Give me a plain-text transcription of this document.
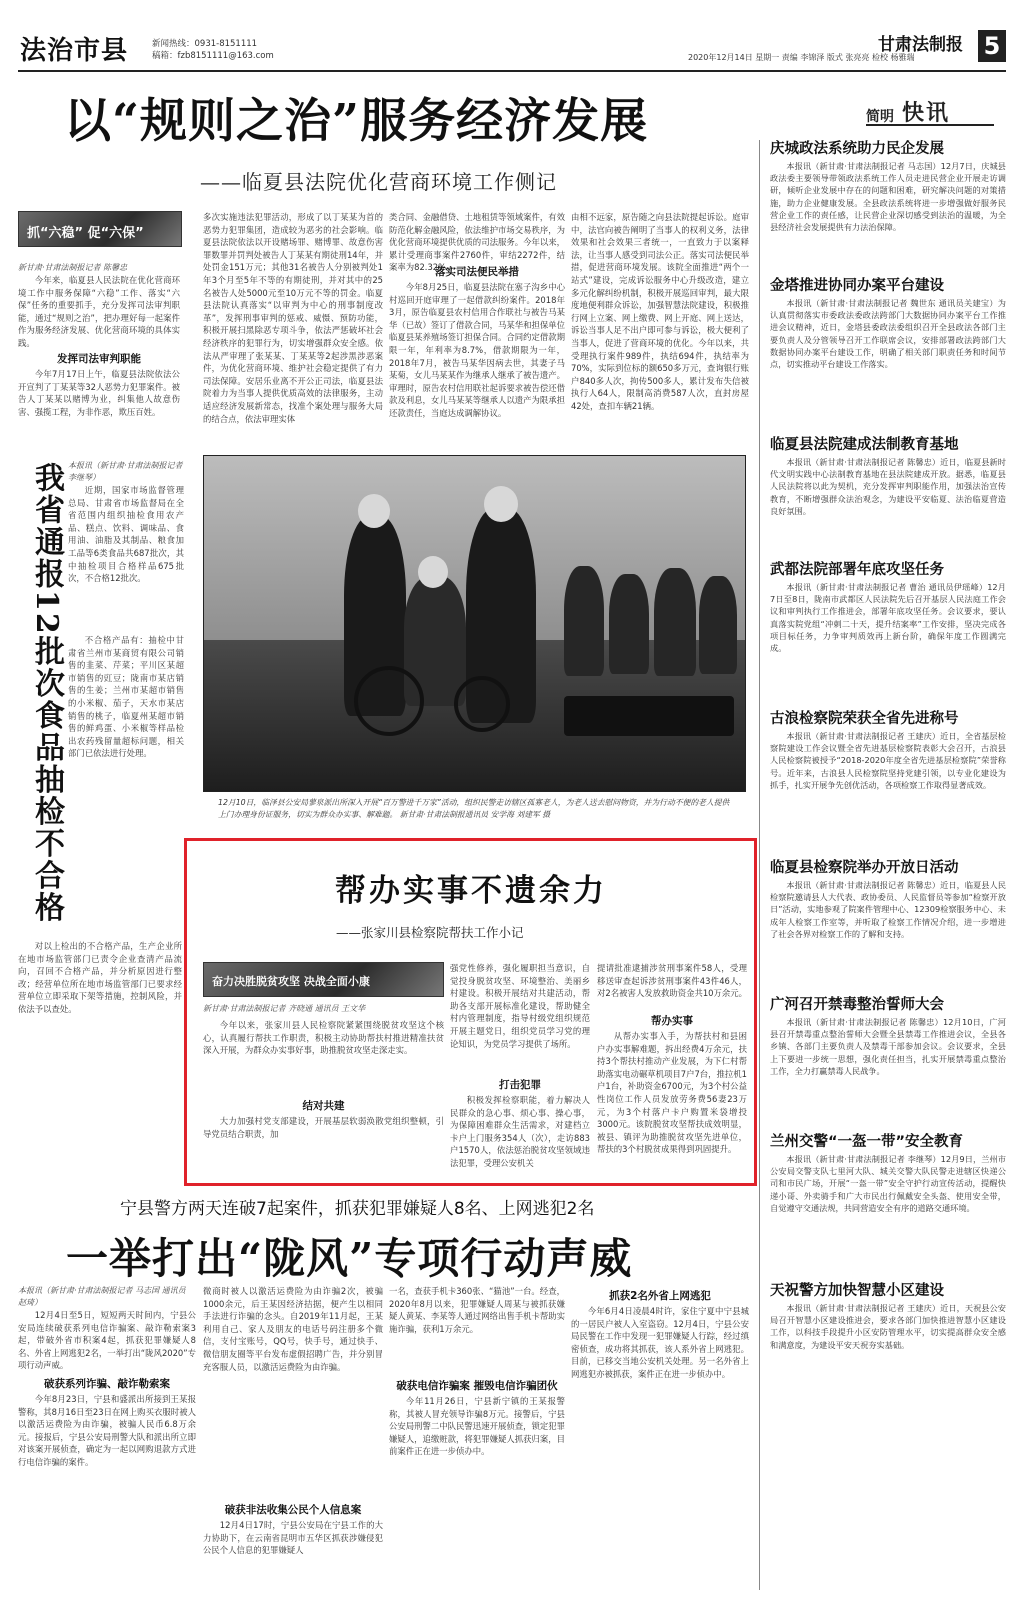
法治市县	新闻热线：0931-8151111
稿箱：fzb8151111@163.com
甘肃法制报 5
2020年12月14日 星期一 责编 李锦泽 版式 张亮亮 检校 杨雅瑞
以“规则之治”服务经济发展
——临夏县法院优化营商环境工作侧记
简明 快讯
抓“六稳” 促“六保”
新甘肃·甘肃法制报记者 陈馨忠
今年来，临夏县人民法院在优化营商环境工作中服务保障“六稳”工作、落实“六保”任务的重要抓手，充分发挥司法审判职能，通过“规则之治”，把办理好每一起案件作为服务经济发展、优化营商环境的具体实践。
发挥司法审判职能
今年7月17日上午，临夏县法院依法公开宣判了丁某某等32人恶势力犯罪案件。被告人丁某某以赌博为业，纠集他人故意伤害、强揽工程，为非作恶，欺压百姓。
多次实施违法犯罪活动，形成了以丁某某为首的恶势力犯罪集团，造成较为恶劣的社会影响。临夏县法院依法以开设赌场罪、赌博罪、故意伤害罪数罪并罚判处被告人丁某某有期徒刑14年，并处罚金151万元；其他31名被告人分别被判处1年3个月至5年不等的有期徒刑，并对其中的25名被告人处5000元至10万元不等的罚金。临夏县法院认真落实“以审判为中心的刑事制度改革”，发挥刑事审判的惩戒、威慑、预防功能，积极开展扫黑除恶专项斗争，依法严惩破坏社会经济秩序的犯罪行为，切实增强群众安全感。依法从严审理了张某某、丁某某等2起涉黑涉恶案件，为优化营商环境、维护社会稳定提供了有力司法保障。安居乐业离不开公正司法，临夏县法院着力为当事人提供优质高效的法律服务，主动适应经济发展新常态，找准个案处理与服务大局的结合点，依法审理实体
类合同、金融借贷、土地租赁等领域案件，有效防范化解金融风险，依法维护市场交易秩序，为优化营商环境提供优质的司法服务。今年以来，累计受理商事案件2760件，审结2272件，结案率为82.32%。
落实司法便民举措
今年8月25日，临夏县法院在塞子沟乡中心村巡回开庭审理了一起借款纠纷案件。2018年3月，原告临夏县农村信用合作联社与被告马某华（已故）签订了借款合同，马某华和担保单位临夏县某养殖场签订担保合同。合同约定借款期限一年，年利率为8.7%，借款期限为一年，2018年7月，被告马某华因病去世，其妻子马某菊，女儿马某某作为继承人继承了被告遗产。审理时，原告农村信用联社起诉要求被告偿还借款及利息，女儿马某某等继承人以遗产为限承担还款责任，当庭达成调解协议。
由相不远家，原告随之向县法院提起诉讼。庭审中，法官向被告阐明了当事人的权利义务，法律效果和社会效果三者统一，一直致力于以案释法，让当事人感受到司法公正。落实司法便民举措，促进营商环境发展。该院全面推进“两个一站式”建设，完成诉讼服务中心升级改造，建立多元化解纠纷机制，积极开展巡回审判，最大限度地便利群众诉讼，加强智慧法院建设，积极推行网上立案、网上缴费、网上开庭、网上送达，诉讼当事人足不出户即可参与诉讼，极大便利了当事人，促进了营商环境的优化。今年以来，共受理执行案件989件，执结694件，执结率为70%，实际到位标的额650多万元，查询银行账户840多人次，拘传500多人，累计发布失信被执行人64人，限制高消费587人次，直封房屋42处，查扣车辆21辆。
我省通报12批次食品抽检不合格 本报讯（新甘肃·甘肃法制报记者 李继琴）
近期，国家市场监督管理总局、甘肃省市场监督局在全省范围内组织抽检食用农产品、糕点、饮料、调味品、食用油、油脂及其制品、粮食加工品等6类食品共687批次，其中抽检项目合格样品675批次，不合格12批次。
不合格产品有：抽检中甘肃省兰州市某商贸有限公司销售的韭菜、芹菜；平川区某超市销售的豇豆；陇南市某店销售的生姜；兰州市某超市销售的小米椒、茄子，天水市某店销售的桃子，临夏州某超市销售的鲜鸡蛋、小米椒等样品检出农药残留量超标问题，相关部门已依法进行处理。
对以上检出的不合格产品，生产企业所在地市场监管部门已责令企业查清产品流向，召回不合格产品，并分析原因进行整改；经营单位所在地市场监管部门已要求经营单位立即采取下架等措施，控制风险，并依法予以查处。
12月10日，临泽县公安局蓼泉派出所深入开展“百万警进千万家”活动，组织民警走访辖区孤寡老人，为老人送去慰问物资，并为行动不便的老人提供上门办理身份证服务，切实为群众办实事、解难题。 新甘肃·甘肃法制报通讯员 安学海 刘建军 摄
帮办实事不遗余力
——张家川县检察院帮扶工作小记
奋力决胜脱贫攻坚 决战全面小康
新甘肃·甘肃法制报记者 齐晓通 通讯员 王文华
今年以来，张家川县人民检察院紧紧围绕脱贫攻坚这个核心，认真履行帮扶工作职责，积极主动协助帮扶村推进精准扶贫深入开展，为群众办实事好事，助推脱贫攻坚走深走实。
结对共建
大力加强村党支部建设，开展基层软弱涣散党组织整顿，引导党员结合职责，加
强党性修养，强化履职担当意识，自觉投身脱贫攻坚、环境整治、美丽乡村建设。积极开展结对共建活动，帮助各支部开展标准化建设，帮助健全村内管理制度，指导村级党组织规范开展主题党日，组织党员学习党的理论知识，为党员学习提供了场所。
打击犯罪
积极发挥检察职能，着力解决人民群众的急心事、烦心事、操心事，为保障困难群众生活需求，对建档立卡户上门服务354人（次），走访883户1570人，依法惩治脱贫攻坚领域违法犯罪，受理公安机关
提请批准逮捕涉贫刑事案件58人，受理移送审查起诉涉贫刑事案件43件46人，对2名被害人发放救助资金共10万余元。
帮办实事
从帮办实事入手，为帮扶村和县困户办实事解难题，拆出经费4万余元，扶持3个帮扶村推动产业发展，为下仁村帮助落实电动碾草机项目7户7台，推拉机1户1台，补助资金6700元，为3个村公益性岗位工作人员发放劳务费56妻23万元，为3个村落户卡户购置米袋增投3000元。该院脱贫攻坚帮扶成效明显，被县、镇评为助推脱贫攻坚先进单位，帮扶的3个村脱贫成果得到巩固提升。
宁县警方两天连破7起案件，抓获犯罪嫌疑人8名、上网逃犯2名
一举打出“陇风”专项行动声威
本报讯（新甘肃·甘肃法制报记者 马志国 通讯员 赵琦）
12月4日至5日，短短两天时间内，宁县公安局连续破获系列电信诈骗案、敲诈勒索案3起，带破外省市积案4起，抓获犯罪嫌疑人8名、外省上网逃犯2名，一举打出“陇风2020”专项行动声威。
破获系列诈骗、敲诈勒索案
今年8月23日，宁县和盛派出所接到王某报警称，其8月16日至23日在网上购买衣服时被人以激活运费险为由诈骗，被骗人民币6.8万余元。接报后，宁县公安局刑警大队和派出所立即对该案开展侦查，确定为一起以网购退款方式进行电信诈骗的案件。
微商时被人以激活运费险为由诈骗2次，被骗1000余元，后王某因经济拮据，便产生以相同手法进行诈骗的念头。自2019年11月起，王某利用自己、家人及朋友的电话号码注册多个微信，支付宝账号，QQ号，快手号，通过快手、微信朋友圈等平台发布虚假招聘广告，并分别冒充客服人员，以激活运费险为由诈骗。
破获非法收集公民个人信息案
12月4日17时，宁县公安局在宁县工作的大力协助下，在云南省昆明市五华区抓获涉嫌侵犯公民个人信息的犯罪嫌疑人
一名，查获手机卡360张、“猫池”一台。经查，2020年8月以来，犯罪嫌疑人周某与被抓获嫌疑人黄某、李某等人通过网络出售手机卡帮助实施诈骗，获利1万余元。
破获电信诈骗案 摧毁电信诈骗团伙
今年11月26日，宁县新宁镇的王某报警称，其被人冒充领导诈骗8万元。接警后，宁县公安局刑警二中队民警迅速开展侦查，锁定犯罪嫌疑人，追缴赃款，将犯罪嫌疑人抓获归案，目前案件正在进一步侦办中。
抓获2名外省上网逃犯
今年6月4日凌晨4时许，家住宁夏中宁县城的一居民户被人入室盗窃。12月4日，宁县公安局民警在工作中发现一犯罪嫌疑人行踪，经过缜密侦查，成功将其抓获，该人系外省上网逃犯。目前，已移交当地公安机关处理。另一名外省上网逃犯亦被抓获，案件正在进一步侦办中。
庆城政法系统助力民企发展
本报讯（新甘肃·甘肃法制报记者 马志国）12月7日，庆城县政法委主要领导带领政法系统工作人员走进民营企业开展走访调研，倾听企业发展中存在的问题和困难，研究解决问题的对策措施，助力企业健康发展。全县政法系统将进一步增强做好服务民营企业工作的责任感，让民营企业深切感受到法治的温暖，为全县经济社会发展提供有力法治保障。
金塔推进协同办案平台建设
本报讯（新甘肃·甘肃法制报记者 魏世东 通讯员关建宝）为认真贯彻落实市委政法委政法跨部门大数据协同办案平台工作推进会议精神，近日，金塔县委政法委组织召开全县政法各部门主要负责人及分管领导召开工作联席会议，安排部署政法跨部门大数据协同办案平台建设工作，明确了相关部门职责任务和时间节点，切实推动平台建设工作落实。
临夏县法院建成法制教育基地
本报讯（新甘肃·甘肃法制报记者 陈馨忠）近日，临夏县新时代文明实践中心法制教育基地在县法院建成开放。据悉，临夏县人民法院将以此为契机，充分发挥审判职能作用，加强法治宣传教育，不断增强群众法治观念，为建设平安临夏、法治临夏营造良好氛围。
武都法院部署年底攻坚任务
本报讯（新甘肃·甘肃法制报记者 曹治 通讯员伊瑶峰）12月7日至8日，陇南市武都区人民法院先后召开基层人民法庭工作会议和审判执行工作推进会，部署年底攻坚任务。会议要求，要认真落实院党组“冲刺二十天，提升结案率”工作安排，坚决完成各项目标任务，力争审判质效再上新台阶，确保年度工作圆满完成。
古浪检察院荣获全省先进称号
本报讯（新甘肃·甘肃法制报记者 王建庆）近日，全省基层检察院建设工作会议暨全省先进基层检察院表彰大会召开，古浪县人民检察院被授予“2018-2020年度全省先进基层检察院”荣誉称号。近年来，古浪县人民检察院坚持党建引领，以专业化建设为抓手，扎实开展争先创优活动，各项检察工作取得显著成效。
临夏县检察院举办开放日活动
本报讯（新甘肃·甘肃法制报记者 陈馨忠）近日，临夏县人民检察院邀请县人大代表、政协委员、人民监督员等参加“检察开放日”活动，实地参观了院案件管理中心、12309检察服务中心、未成年人检察工作室等，并听取了检察工作情况介绍，进一步增进了社会各界对检察工作的了解和支持。
广河召开禁毒整治誓师大会
本报讯（新甘肃·甘肃法制报记者 陈馨忠）12月10日，广河县召开禁毒重点整治誓师大会暨全县禁毒工作推进会议，全县各乡镇、各部门主要负责人及禁毒干部参加会议。会议要求，全县上下要进一步统一思想，强化责任担当，扎实开展禁毒重点整治工作，全力打赢禁毒人民战争。
兰州交警“一盔一带”安全教育
本报讯（新甘肃·甘肃法制报记者 李继琴）12月9日，兰州市公安局交警支队七里河大队、城关交警大队民警走进辖区快递公司和市民广场，开展“一盔一带”安全守护行动宣传活动，提醒快递小哥、外卖骑手和广大市民出行佩戴安全头盔、使用安全带，自觉遵守交通法规，共同营造安全有序的道路交通环境。
天祝警方加快智慧小区建设
本报讯（新甘肃·甘肃法制报记者 王建庆）近日，天祝县公安局召开智慧小区建设推进会，要求各部门加快推进智慧小区建设工作，以科技手段提升小区安防管理水平，切实提高群众安全感和满意度，为建设平安天祝夯实基础。
